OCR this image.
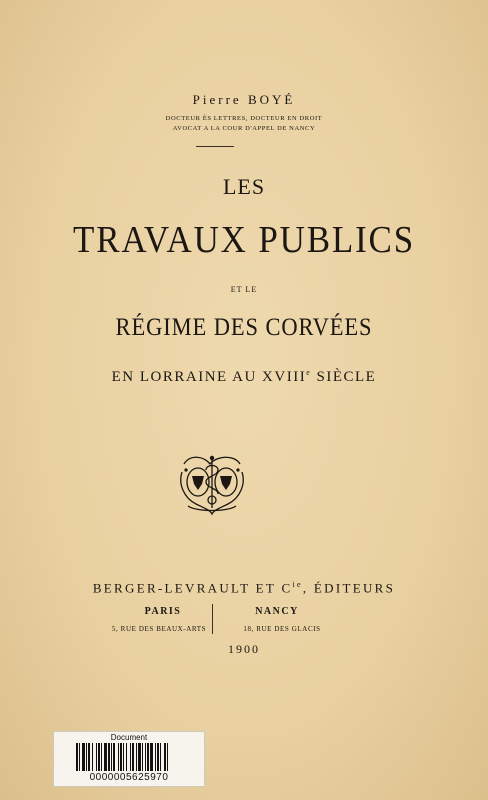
Pierre BOYÉ
DOCTEUR ÈS LETTRES, DOCTEUR EN DROIT
AVOCAT A LA COUR D'APPEL DE NANCY
LES
TRAVAUX PUBLICS
ET LE
RÉGIME DES CORVÉES
EN LORRAINE AU XVIIIe SIÈCLE
BERGER-LEVRAULT ET $C^{ie}$, ÉDITEURS
PARIS	NANCY
5, RUE DES BEAUX-ARTS	18, RUE DES GLACIS
1900
Document
0000005625970
